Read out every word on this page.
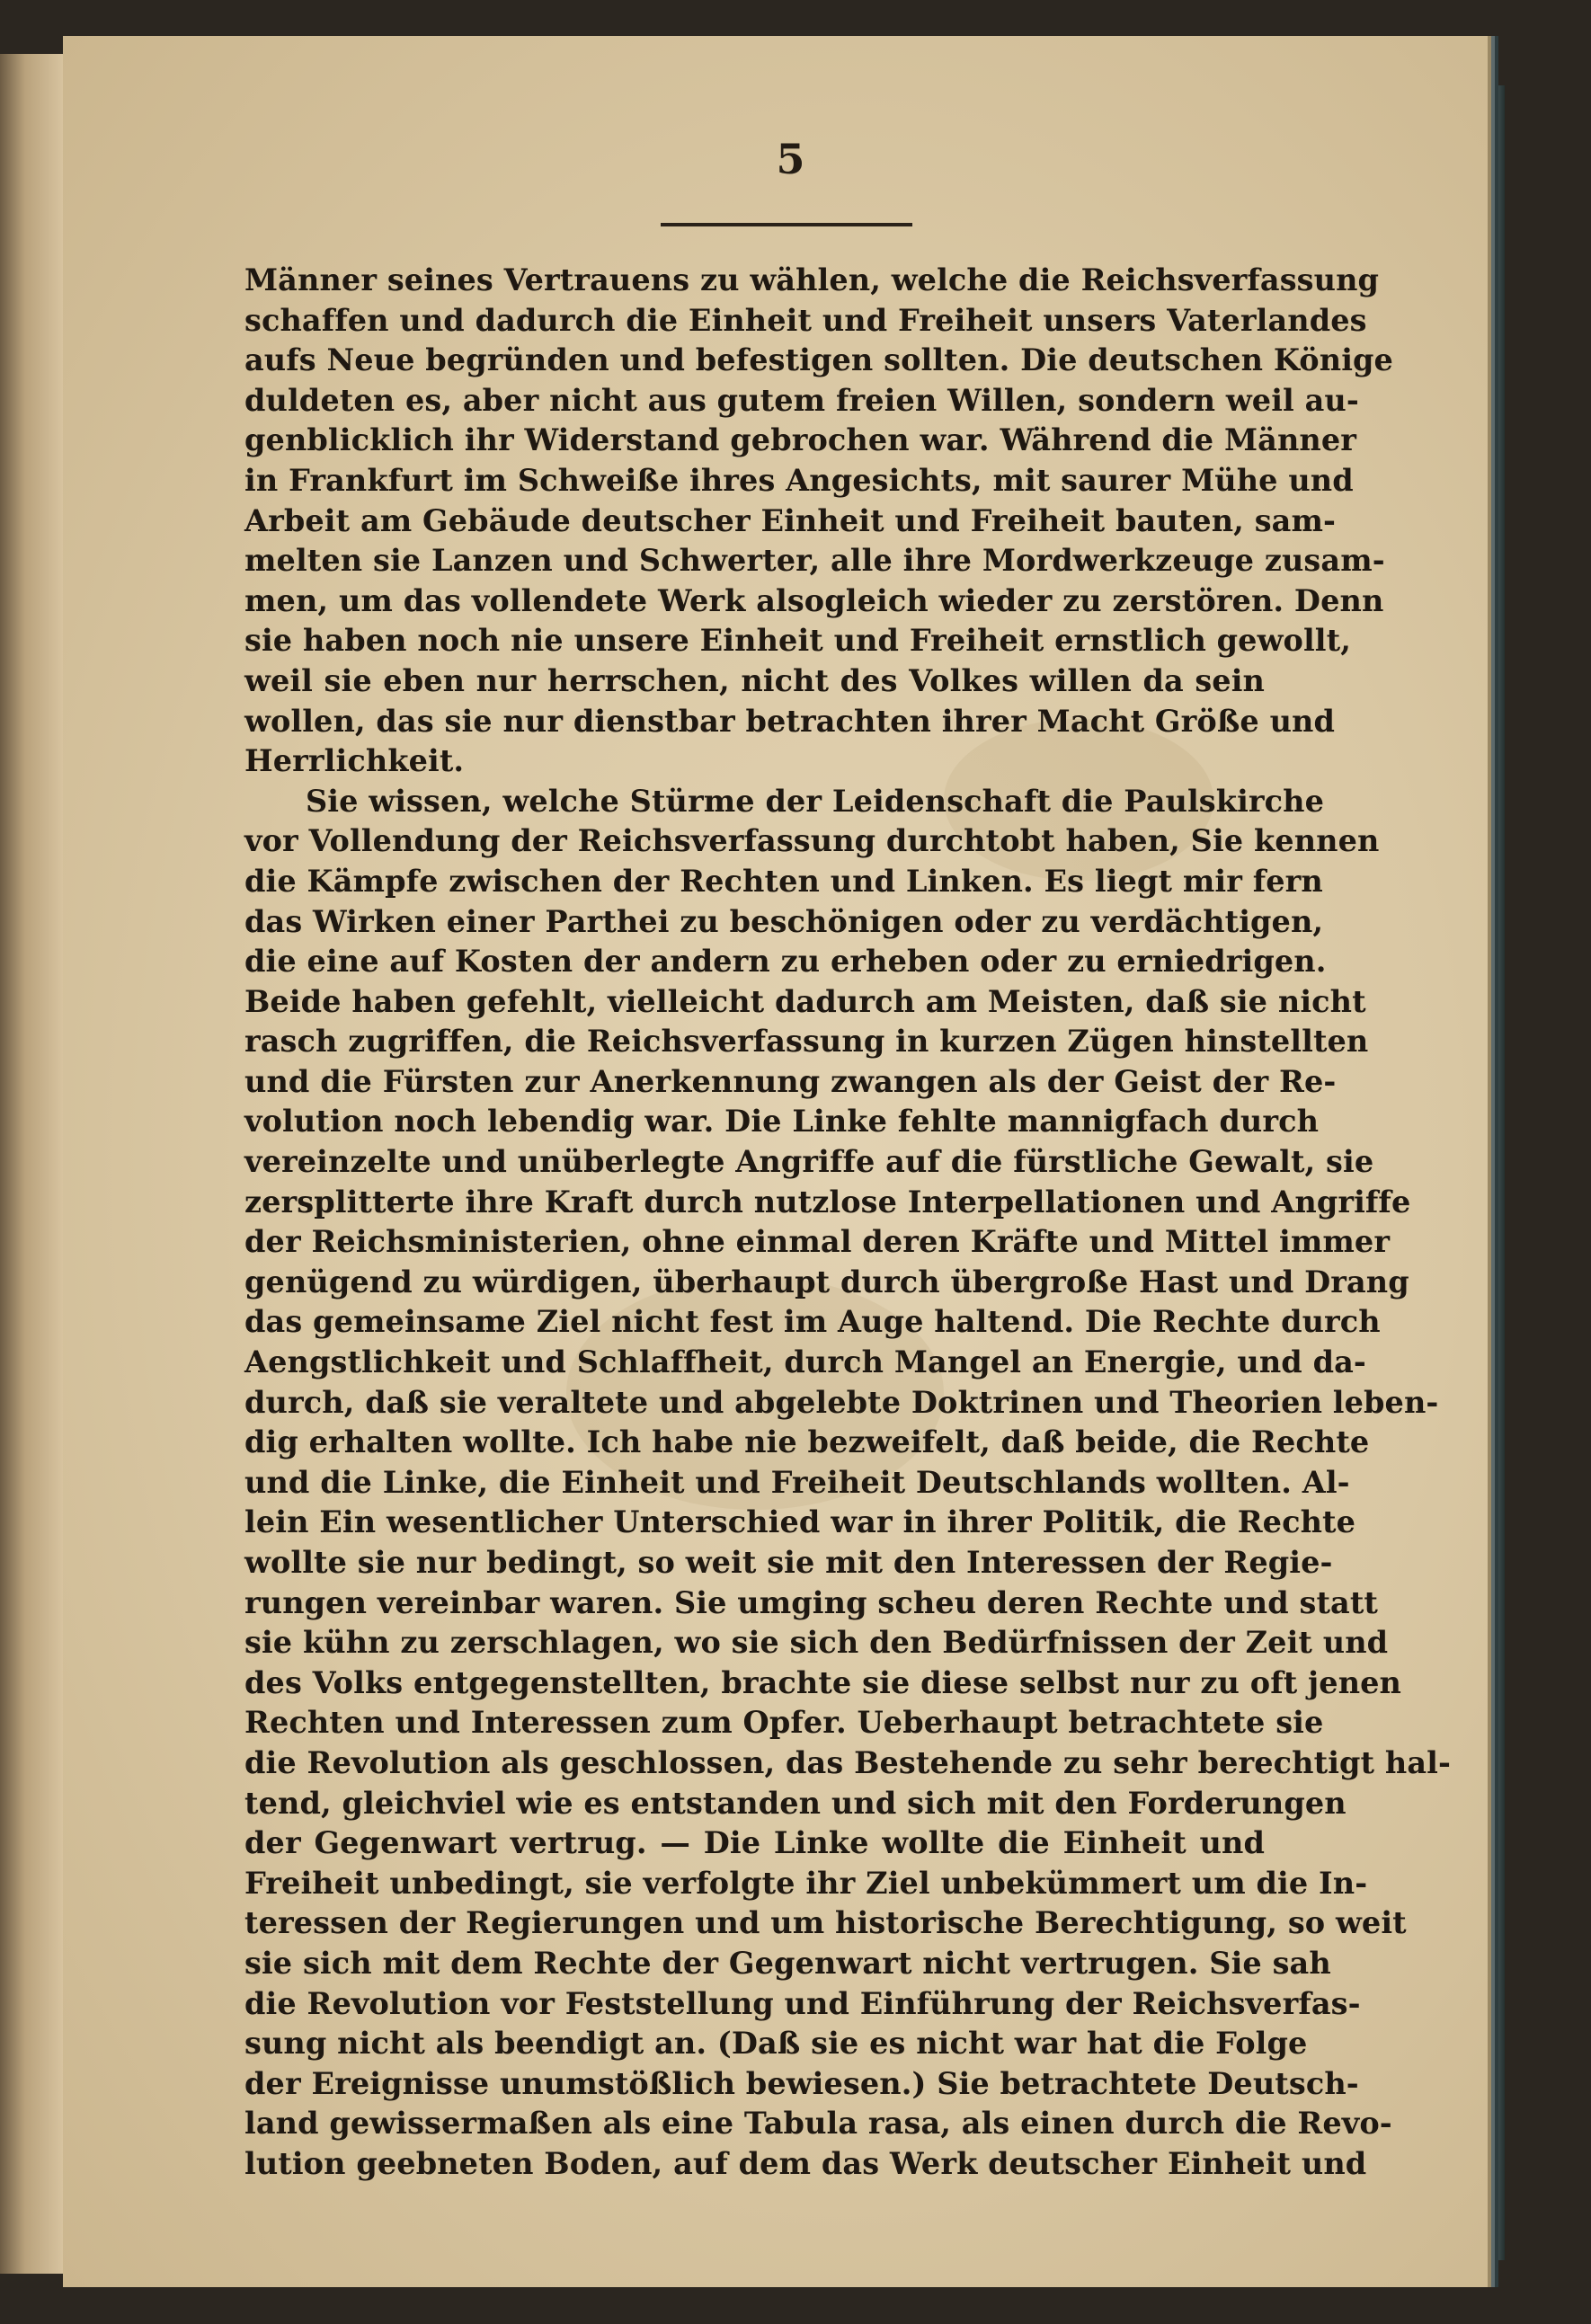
5
Männer seines Vertrauens zu wählen, welche die Reichsverfassung
schaffen und dadurch die Einheit und Freiheit unsers Vaterlandes
aufs Neue begründen und befestigen sollten. Die deutschen Könige
duldeten es, aber nicht aus gutem freien Willen, sondern weil au-
genblicklich ihr Widerstand gebrochen war. Während die Männer
in Frankfurt im Schweiße ihres Angesichts, mit saurer Mühe und
Arbeit am Gebäude deutscher Einheit und Freiheit bauten, sam-
melten sie Lanzen und Schwerter, alle ihre Mordwerkzeuge zusam-
men, um das vollendete Werk alsogleich wieder zu zerstören. Denn
sie haben noch nie unsere Einheit und Freiheit ernstlich gewollt,
weil sie eben nur herrschen, nicht des Volkes willen da sein
wollen, das sie nur dienstbar betrachten ihrer Macht Größe und
Herrlichkeit.
Sie wissen, welche Stürme der Leidenschaft die Paulskirche
vor Vollendung der Reichsverfassung durchtobt haben, Sie kennen
die Kämpfe zwischen der Rechten und Linken. Es liegt mir fern
das Wirken einer Parthei zu beschönigen oder zu verdächtigen,
die eine auf Kosten der andern zu erheben oder zu erniedrigen.
Beide haben gefehlt, vielleicht dadurch am Meisten, daß sie nicht
rasch zugriffen, die Reichsverfassung in kurzen Zügen hinstellten
und die Fürsten zur Anerkennung zwangen als der Geist der Re-
volution noch lebendig war. Die Linke fehlte mannigfach durch
vereinzelte und unüberlegte Angriffe auf die fürstliche Gewalt, sie
zersplitterte ihre Kraft durch nutzlose Interpellationen und Angriffe
der Reichsministerien, ohne einmal deren Kräfte und Mittel immer
genügend zu würdigen, überhaupt durch übergroße Hast und Drang
das gemeinsame Ziel nicht fest im Auge haltend. Die Rechte durch
Aengstlichkeit und Schlaffheit, durch Mangel an Energie, und da-
durch, daß sie veraltete und abgelebte Doktrinen und Theorien leben-
dig erhalten wollte. Ich habe nie bezweifelt, daß beide, die Rechte
und die Linke, die Einheit und Freiheit Deutschlands wollten. Al-
lein Ein wesentlicher Unterschied war in ihrer Politik, die Rechte
wollte sie nur bedingt, so weit sie mit den Interessen der Regie-
rungen vereinbar waren. Sie umging scheu deren Rechte und statt
sie kühn zu zerschlagen, wo sie sich den Bedürfnissen der Zeit und
des Volks entgegenstellten, brachte sie diese selbst nur zu oft jenen
Rechten und Interessen zum Opfer. Ueberhaupt betrachtete sie
die Revolution als geschlossen, das Bestehende zu sehr berechtigt hal-
tend, gleichviel wie es entstanden und sich mit den Forderungen
der Gegenwart vertrug. — Die Linke wollte die Einheit und
Freiheit unbedingt, sie verfolgte ihr Ziel unbekümmert um die In-
teressen der Regierungen und um historische Berechtigung, so weit
sie sich mit dem Rechte der Gegenwart nicht vertrugen. Sie sah
die Revolution vor Feststellung und Einführung der Reichsverfas-
sung nicht als beendigt an. (Daß sie es nicht war hat die Folge
der Ereignisse unumstößlich bewiesen.) Sie betrachtete Deutsch-
land gewissermaßen als eine Tabula rasa, als einen durch die Revo-
lution geebneten Boden, auf dem das Werk deutscher Einheit und
